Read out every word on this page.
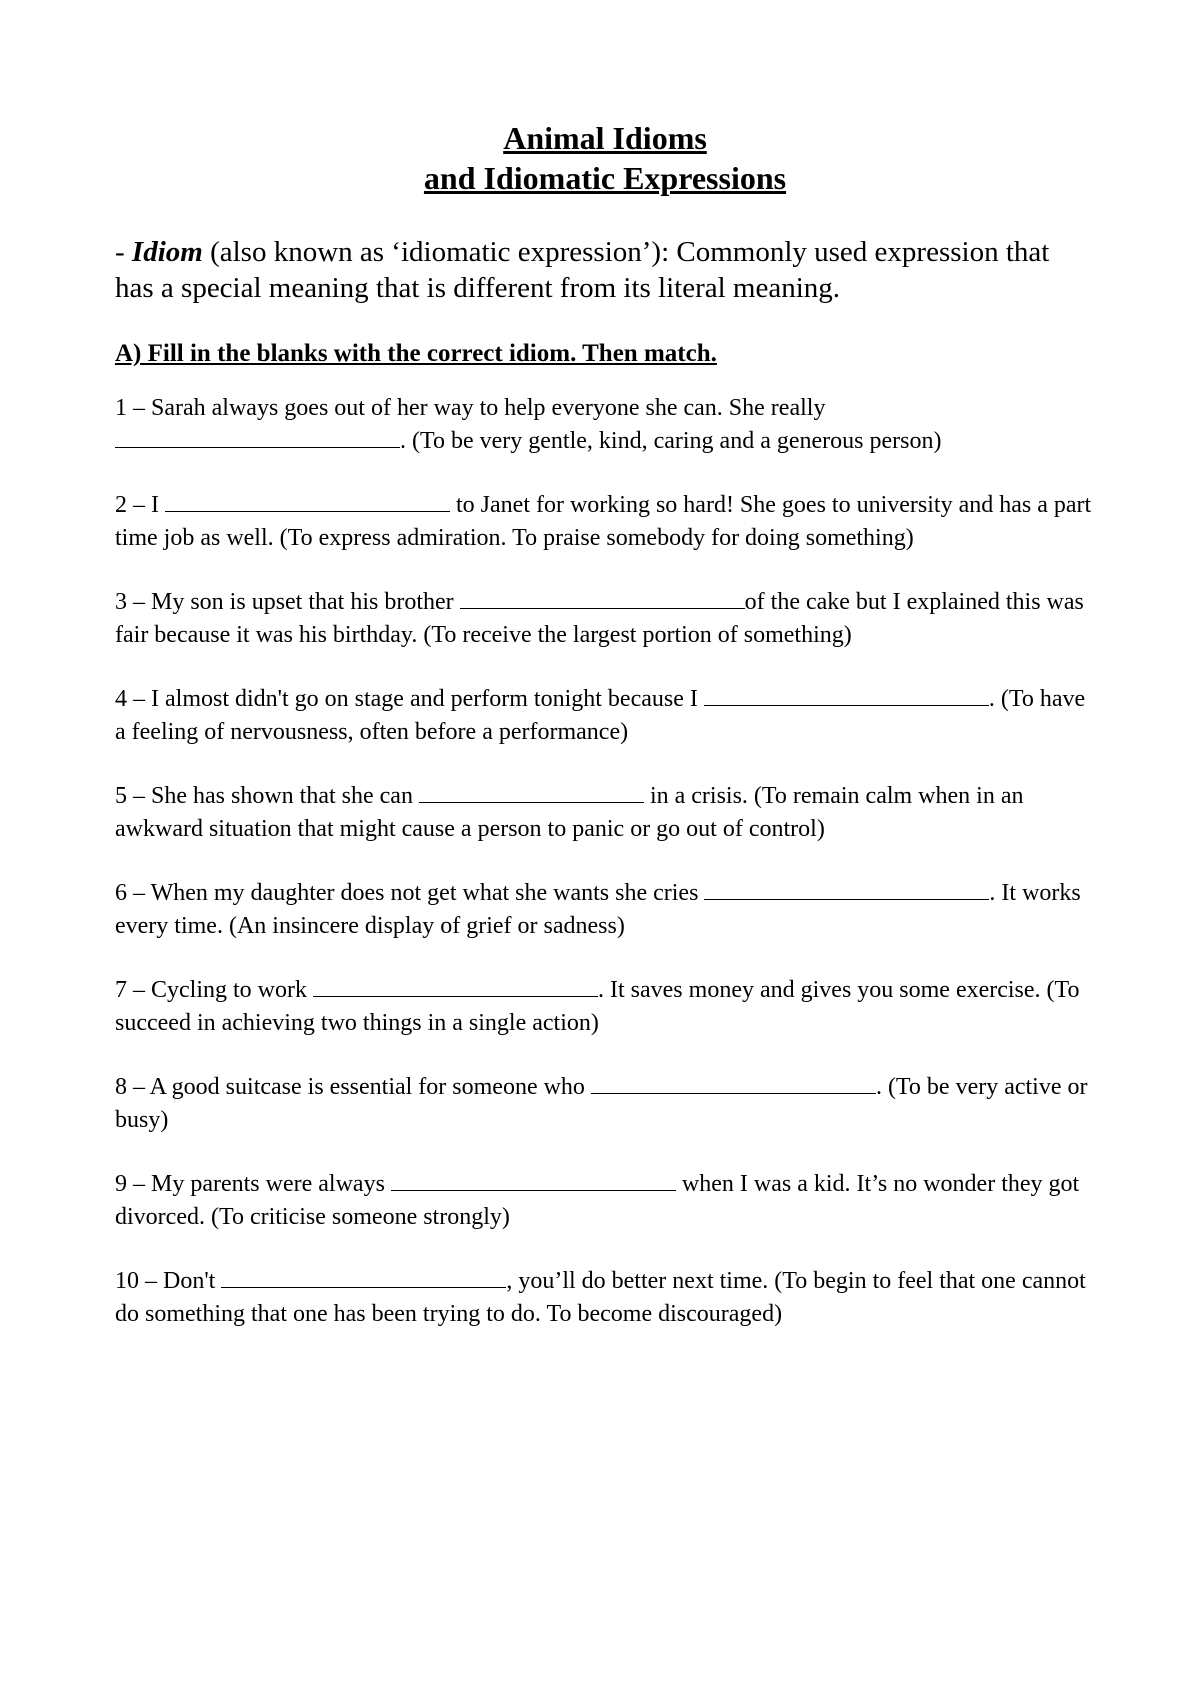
Animal Idioms
and Idiomatic Expressions
- Idiom (also known as ‘idiomatic expression’): Commonly used expression that has a special meaning that is different from its literal meaning.
A) Fill in the blanks with the correct idiom. Then match.

1 – Sarah always goes out of her way to help everyone she can. She really . (To be very gentle, kind, caring and a generous person)

2 – I	to Janet for working so hard! She goes to university and has a part time job as well. (To express admiration. To praise somebody for doing something)

3 – My son is upset that his brother	of the cake but I explained this was fair because it was his birthday. (To receive the largest portion of something)

4 – I almost didn't go on stage and perform tonight because I	. (To have a feeling of nervousness, often before a performance)

5 – She has shown that she can	in a crisis. (To remain calm when in an awkward situation that might cause a person to panic or go out of control)

6 – When my daughter does not get what she wants she cries	. It works every time. (An insincere display of grief or sadness)

7 – Cycling to work	. It saves money and gives you some exercise. (To succeed in achieving two things in a single action)

8 – A good suitcase is essential for someone who	. (To be very active or busy)

9 – My parents were always	when I was a kid. It’s no wonder they got divorced. (To criticise someone strongly)

10 – Don't	, you’ll do better next time. (To begin to feel that one cannot do something that one has been trying to do. To become discouraged)
